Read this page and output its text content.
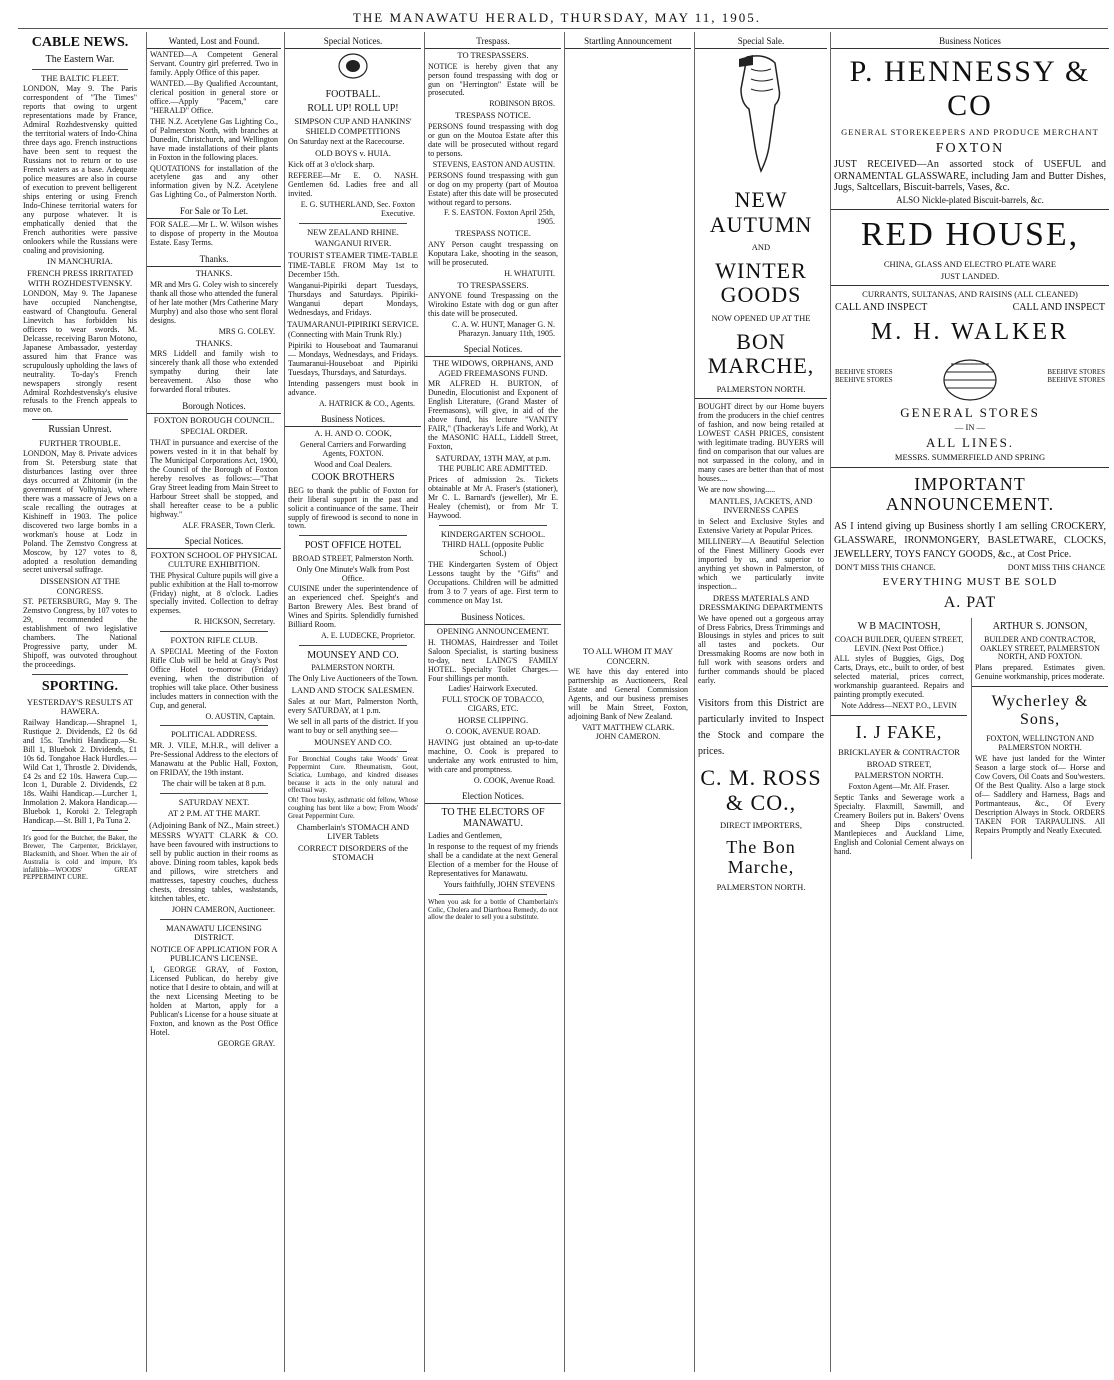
THE MANAWATU HERALD, THURSDAY, MAY 11, 1905.
CABLE NEWS.
The Eastern War.
THE BALTIC FLEET.
LONDON, May 9. The Paris correspondent of "The Times" reports that owing to urgent representations made by France, Admiral Rozhdestvensky quitted the territorial waters of Indo-China three days ago. French instructions have been sent to request the Russians not to return or to use French waters as a base. Adequate police measures are also in course of execution to prevent belligerent ships entering or using French Indo-Chinese territorial waters for any purpose whatever. It is emphatically denied that the French authorities were passive onlookers while the Russians were coaling and provisioning.
IN MANCHURIA.
FRENCH PRESS IRRITATED WITH ROZHDESTVENSKY.
LONDON, May 9. The Japanese have occupied Nanchengtse, eastward of Changtoufu. General Linevitch has forbidden his officers to wear swords. M. Delcasse, receiving Baron Motono, Japanese Ambassador, yesterday assured him that France was scrupulously upholding the laws of neutrality. To-day's French newspapers strongly resent Admiral Rozhdestvensky's elusive refusals to the French appeals to move on.
Russian Unrest.
FURTHER TROUBLE.
LONDON, May 8. Private advices from St. Petersburg state that disturbances lasting over three days occurred at Zhitomir (in the government of Volhynia), where there was a massacre of Jews on a scale recalling the outrages at Kishineff in 1903. The police discovered two large bombs in a workman's house at Lodz in Poland. The Zemstvo Congress at Moscow, by 127 votes to 8, adopted a resolution demanding secret universal suffrage.
DISSENSION AT THE CONGRESS.
ST. PETERSBURG, May 9. The Zemstvo Congress, by 107 votes to 29, recommended the establishment of two legislative chambers. The National Progressive party, under M. Shipoff, was outvoted throughout the proceedings.
SPORTING.
YESTERDAY'S RESULTS AT HAWERA.
Railway Handicap.—Shrapnel 1, Rustique 2. Dividends, £2 0s 6d and 15s. Tawhiti Handicap.—St. Bill 1, Bluebok 2. Dividends, £1 10s 6d. Tongahoe Hack Hurdles.—Wild Cat 1, Throstle 2. Dividends, £4 2s and £2 10s. Hawera Cup.—Icon 1, Durable 2. Dividends, £2 18s. Waihi Handicap.—Lurcher 1, Inmolation 2. Makora Handicap.—Bluebok 1, Koroki 2. Telegraph Handicap.—St. Bill 1, Pa Tuna 2.
It's good for the Butcher, the Baker, the Brewer, The Carpenter, Bricklayer, Blacksmith, and Shoer. When the air of Australia is cold and impure, It's infallible—WOODS' GREAT PEPPERMINT CURE.
Wanted, Lost and Found.
WANTED—A Competent General Servant. Country girl preferred. Two in family. Apply Office of this paper.
WANTED.—By Qualified Accountant, clerical position in general store or office.—Apply "Pacem," care "HERALD" Office.
THE N.Z. Acetylene Gas Lighting Co., of Palmerston North, with branches at Dunedin, Christchurch, and Wellington have made installations of their plants in Foxton in the following places.
QUOTATIONS for installation of the acetylene gas and any other information given by N.Z. Acetylene Gas Lighting Co., of Palmerston North.
For Sale or To Let.
FOR SALE.—Mr L. W. Wilson wishes to dispose of property in the Moutoa Estate. Easy Terms.
Thanks.
THANKS.
MR and Mrs G. Coley wish to sincerely thank all those who attended the funeral of her late mother (Mrs Catherine Mary Murphy) and also those who sent floral designs.
MRS G. COLEY.
THANKS.
MRS Liddell and family wish to sincerely thank all those who extended sympathy during their late bereavement. Also those who forwarded floral tributes.
Borough Notices.
FOXTON BOROUGH COUNCIL.
SPECIAL ORDER.
THAT in pursuance and exercise of the powers vested in it in that behalf by The Municipal Corporations Act, 1900, the Council of the Borough of Foxton hereby resolves as follows:—"That Gray Street leading from Main Street to Harbour Street shall be stopped, and shall hereafter cease to be a public highway."
ALF. FRASER, Town Clerk.
Special Notices.
FOXTON SCHOOL OF PHYSICAL CULTURE EXHIBITION.
THE Physical Culture pupils will give a public exhibition at the Hall to-morrow (Friday) night, at 8 o'clock. Ladies specially invited. Collection to defray expenses.
R. HICKSON, Secretary.
FOXTON RIFLE CLUB.
A SPECIAL Meeting of the Foxton Rifle Club will be held at Gray's Post Office Hotel to-morrow (Friday) evening, when the distribution of trophies will take place. Other business includes matters in connection with the Cup, and general.
O. AUSTIN, Captain.
POLITICAL ADDRESS.
MR. J. VILE, M.H.R., will deliver a Pre-Sessional Address to the electors of Manawatu at the Public Hall, Foxton, on FRIDAY, the 19th instant.
The chair will be taken at 8 p.m.
SATURDAY NEXT.
AT 2 P.M. AT THE MART.
(Adjoining Bank of NZ., Main street.)
MESSRS WYATT CLARK & CO. have been favoured with instructions to sell by public auction in their rooms as above. Dining room tables, kapok beds and pillows, wire stretchers and mattresses, tapestry couches, duchess chests, dressing tables, washstands, kitchen tables, etc.
JOHN CAMERON, Auctioneer.
MANAWATU LICENSING DISTRICT.
NOTICE OF APPLICATION FOR A PUBLICAN'S LICENSE.
I, GEORGE GRAY, of Foxton, Licensed Publican, do hereby give notice that I desire to obtain, and will at the next Licensing Meeting to be holden at Marton, apply for a Publican's License for a house situate at Foxton, and known as the Post Office Hotel.
GEORGE GRAY.
Special Notices.
FOOTBALL.
ROLL UP! ROLL UP!
SIMPSON CUP AND HANKINS' SHIELD COMPETITIONS
On Saturday next at the Racecourse.
OLD BOYS v. HUIA.
Kick off at 3 o'clock sharp.
REFEREE—Mr E. O. NASH. Gentlemen 6d. Ladies free and all invited.
E. G. SUTHERLAND, Sec. Foxton Executive.
NEW ZEALAND RHINE.
WANGANUI RIVER.
TOURIST STEAMER TIME-TABLE
TIME-TABLE FROM May 1st to December 15th.
Wanganui-Pipiriki depart Tuesdays, Thursdays and Saturdays. Pipiriki-Wanganui depart Mondays, Wednesdays, and Fridays.
TAUMARANUI-PIPIRIKI SERVICE.
(Connecting with Main Trunk Rly.)
Pipiriki to Houseboat and Taumaranui — Mondays, Wednesdays, and Fridays. Taumaranui-Houseboat and Pipiriki Tuesdays, Thursdays, and Saturdays.
Intending passengers must book in advance.
A. HATRICK & CO., Agents.
Business Notices.
A. H. AND O. COOK,
General Carriers and Forwarding Agents, FOXTON.
Wood and Coal Dealers.
COOK BROTHERS
BEG to thank the public of Foxton for their liberal support in the past and solicit a continuance of the same. Their supply of firewood is second to none in town.
POST OFFICE HOTEL
BROAD STREET, Palmerston North.
Only One Minute's Walk from Post Office.
CUISINE under the superintendence of an experienced chef. Speight's and Barton Brewery Ales. Best brand of Wines and Spirits. Splendidly furnished Billiard Room.
A. E. LUDECKE, Proprietor.
MOUNSEY AND CO.
PALMERSTON NORTH.
The Only Live Auctioneers of the Town.
LAND AND STOCK SALESMEN.
Sales at our Mart, Palmerston North, every SATURDAY, at 1 p.m.
We sell in all parts of the district. If you want to buy or sell anything see—
MOUNSEY AND CO.
For Bronchial Coughs take Woods' Great Peppermint Cure. Rheumatism, Gout, Sciatica, Lumbago, and kindred diseases because it acts in the only natural and effectual way.
Oh! Thou husky, asthmatic old fellow, Whose coughing has bent like a bow; From Woods' Great Peppermint Cure.
Chamberlain's STOMACH AND LIVER Tablets
CORRECT DISORDERS of the STOMACH
Trespass.
TO TRESPASSERS.
NOTICE is hereby given that any person found trespassing with dog or gun on "Herrington" Estate will be prosecuted.
ROBINSON BROS.
TRESPASS NOTICE.
PERSONS found trespassing with dog or gun on the Moutoa Estate after this date will be prosecuted without regard to persons.
STEVENS, EASTON AND AUSTIN.
PERSONS found trespassing with gun or dog on my property (part of Moutoa Estate) after this date will be prosecuted without regard to persons.
F. S. EASTON. Foxton April 25th, 1905.
TRESPASS NOTICE.
ANY Person caught trespassing on Koputara Lake, shooting in the season, will be prosecuted.
H. WHATUITI.
TO TRESPASSERS.
ANYONE found Trespassing on the Wirokino Estate with dog or gun after this date will be prosecuted.
C. A. W. HUNT, Manager G. N. Pharazyn. January 11th, 1905.
Special Notices.
THE WIDOWS, ORPHANS, AND AGED FREEMASONS FUND.
MR ALFRED H. BURTON, of Dunedin, Elocutionist and Exponent of English Literature, (Grand Master of Freemasons), will give, in aid of the above fund, his lecture "VANITY FAIR," (Thackeray's Life and Work), At the MASONIC HALL, Liddell Street, Foxton,
SATURDAY, 13TH MAY, at p.m.
THE PUBLIC ARE ADMITTED.
Prices of admission 2s. Tickets obtainable at Mr A. Fraser's (stationer), Mr C. L. Barnard's (jeweller), Mr E. Healey (chemist), or from Mr T. Haywood.
KINDERGARTEN SCHOOL.
THIRD HALL (opposite Public School.)
THE Kindergarten System of Object Lessons taught by the "Gifts" and Occupations. Children will be admitted from 3 to 7 years of age. First term to commence on May 1st.
Business Notices.
OPENING ANNOUNCEMENT.
H. THOMAS, Hairdresser and Toilet Saloon Specialist, is starting business to-day, next LAING'S FAMILY HOTEL. Specialty Toilet Charges.—Four shillings per month.
Ladies' Hairwork Executed.
FULL STOCK OF TOBACCO, CIGARS, ETC.
HORSE CLIPPING.
O. COOK, AVENUE ROAD.
HAVING just obtained an up-to-date machine, O. Cook is prepared to undertake any work entrusted to him, with care and promptness.
O. COOK, Avenue Road.
Election Notices.
TO THE ELECTORS OF MANAWATU.
Ladies and Gentlemen,
In response to the request of my friends shall be a candidate at the next General Election of a member for the House of Representatives for Manawatu.
Yours faithfully, JOHN STEVENS
When you ask for a bottle of Chamberlain's Colic, Cholera and Diarrhoea Remedy, do not allow the dealer to sell you a substitute.
Startling Announcement
TO ALL WHOM IT MAY CONCERN.
WE have this day entered into partnership as Auctioneers, Real Estate and General Commission Agents, and our business premises will be Main Street, Foxton, adjoining Bank of New Zealand.
VATT MATTHEW CLARK. JOHN CAMERON.
Special Sale.
NEW AUTUMN
AND
WINTER GOODS
NOW OPENED UP AT THE
BON MARCHE,
PALMERSTON NORTH.
BOUGHT direct by our Home buyers from the producers in the chief centres of fashion, and now being retailed at LOWEST CASH PRICES, consistent with legitimate trading. BUYERS will find on comparison that our values are not surpassed in the colony, and in many cases are better than that of most houses....
We are now showing.....
MANTLES, JACKETS, AND INVERNESS CAPES
in Select and Exclusive Styles and Extensive Variety at Popular Prices.
MILLINERY—A Beautiful Selection of the Finest Millinery Goods ever imported by us, and superior to anything yet shown in Palmerston, of which we particularly invite inspection...
DRESS MATERIALS AND DRESSMAKING DEPARTMENTS
We have opened out a gorgeous array of Dress Fabrics, Dress Trimmings and Blousings in styles and prices to suit all tastes and pockets. Our Dressmaking Rooms are now both in full work with seasons orders and further commands should be placed early.
Visitors from this District are particularly invited to Inspect the Stock and compare the prices.
C. M. ROSS & CO.,
DIRECT IMPORTERS,
The Bon Marche,
PALMERSTON NORTH.
Business Notices
P. HENNESSY & CO
GENERAL STOREKEEPERS AND PRODUCE MERCHANT
FOXTON
JUST RECEIVED—An assorted stock of USEFUL and ORNAMENTAL GLASSWARE, including Jam and Butter Dishes, Jugs, Saltcellars, Biscuit-barrels, Vases, &c.
ALSO Nickle-plated Biscuit-barrels, &c.
RED HOUSE,
CHINA, GLASS AND ELECTRO PLATE WARE
JUST LANDED.
CURRANTS, SULTANAS, AND RAISINS (ALL CLEANED)
CALL AND INSPECT	CALL AND INSPECT
M. H. WALKER
BEEHIVE STORES BEEHIVE STORES
BEEHIVE STORES BEEHIVE STORES
GENERAL STORES
— IN —
ALL LINES.
MESSRS. SUMMERFIELD AND SPRING
IMPORTANT ANNOUNCEMENT.
AS I intend giving up Business shortly I am selling CROCKERY, GLASSWARE, IRONMONGERY, BASLETWARE, CLOCKS, JEWELLERY, TOYS FANCY GOODS, &c., at Cost Price.
DON'T MISS THIS CHANCE.	DONT MISS THIS CHANCE
EVERYTHING MUST BE SOLD
A. PAT
W B MACINTOSH,
COACH BUILDER, QUEEN STREET, LEVIN. (Next Post Office.)
ALL styles of Buggies, Gigs, Dog Carts, Drays, etc., built to order, of best selected material, prices correct, workmanship guaranteed. Repairs and painting promptly executed.
Note Address—NEXT P.O., LEVIN
I. J FAKE,
BRICKLAYER & CONTRACTOR
BROAD STREET,
PALMERSTON NORTH.
Foxton Agent—Mr. Alf. Fraser.
Septic Tanks and Sewerage work a Specialty. Flaxmill, Sawmill, and Creamery Boilers put in. Bakers' Ovens and Sheep Dips constructed. Mantlepieces and Auckland Lime, English and Colonial Cement always on hand.
ARTHUR S. JONSON,
BUILDER AND CONTRACTOR, OAKLEY STREET, PALMERSTON NORTH, AND FOXTON.
Plans prepared. Estimates given. Genuine workmanship, prices moderate.
Wycherley & Sons,
FOXTON, WELLINGTON AND PALMERSTON NORTH.
WE have just landed for the Winter Season a large stock of— Horse and Cow Covers, Oil Coats and Sou'westers. Of the Best Quality. Also a large stock of— Saddlery and Harness, Bags and Portmanteaus, &c., Of Every Description Always in Stock. ORDERS TAKEN FOR TARPAULINS. All Repairs Promptly and Neatly Executed.
